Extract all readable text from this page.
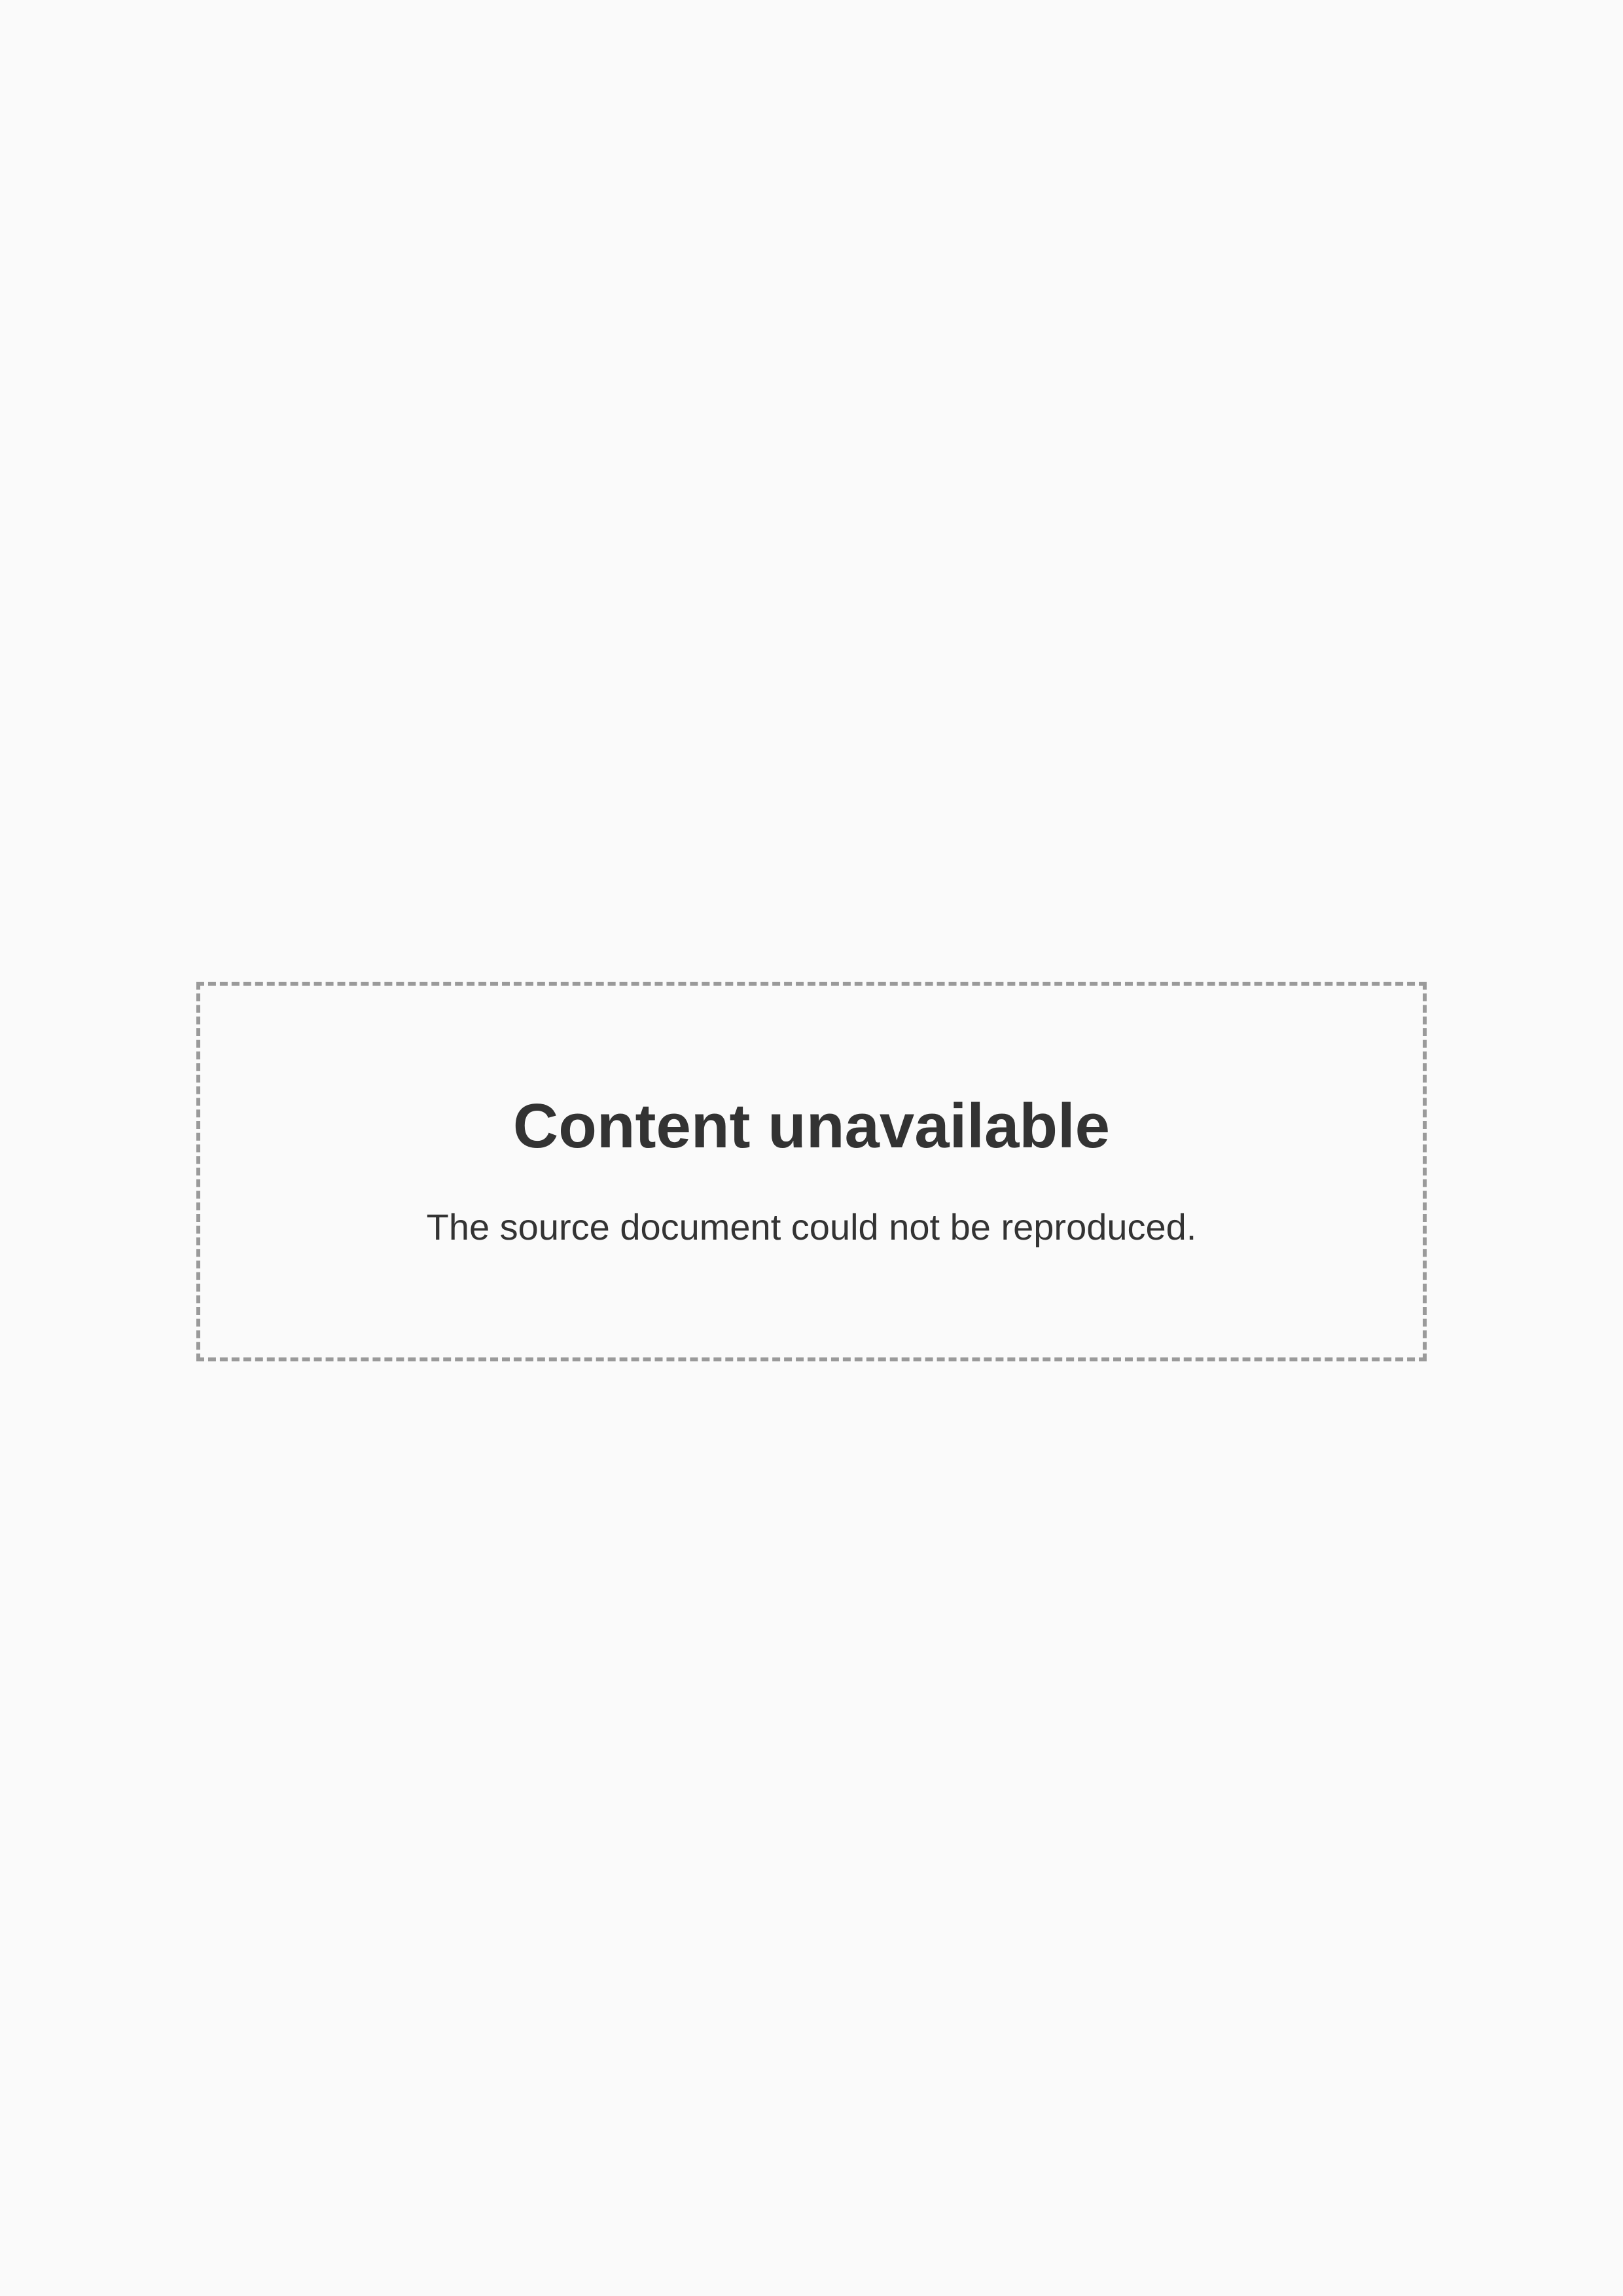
Content unavailable

The source document could not be reproduced.
